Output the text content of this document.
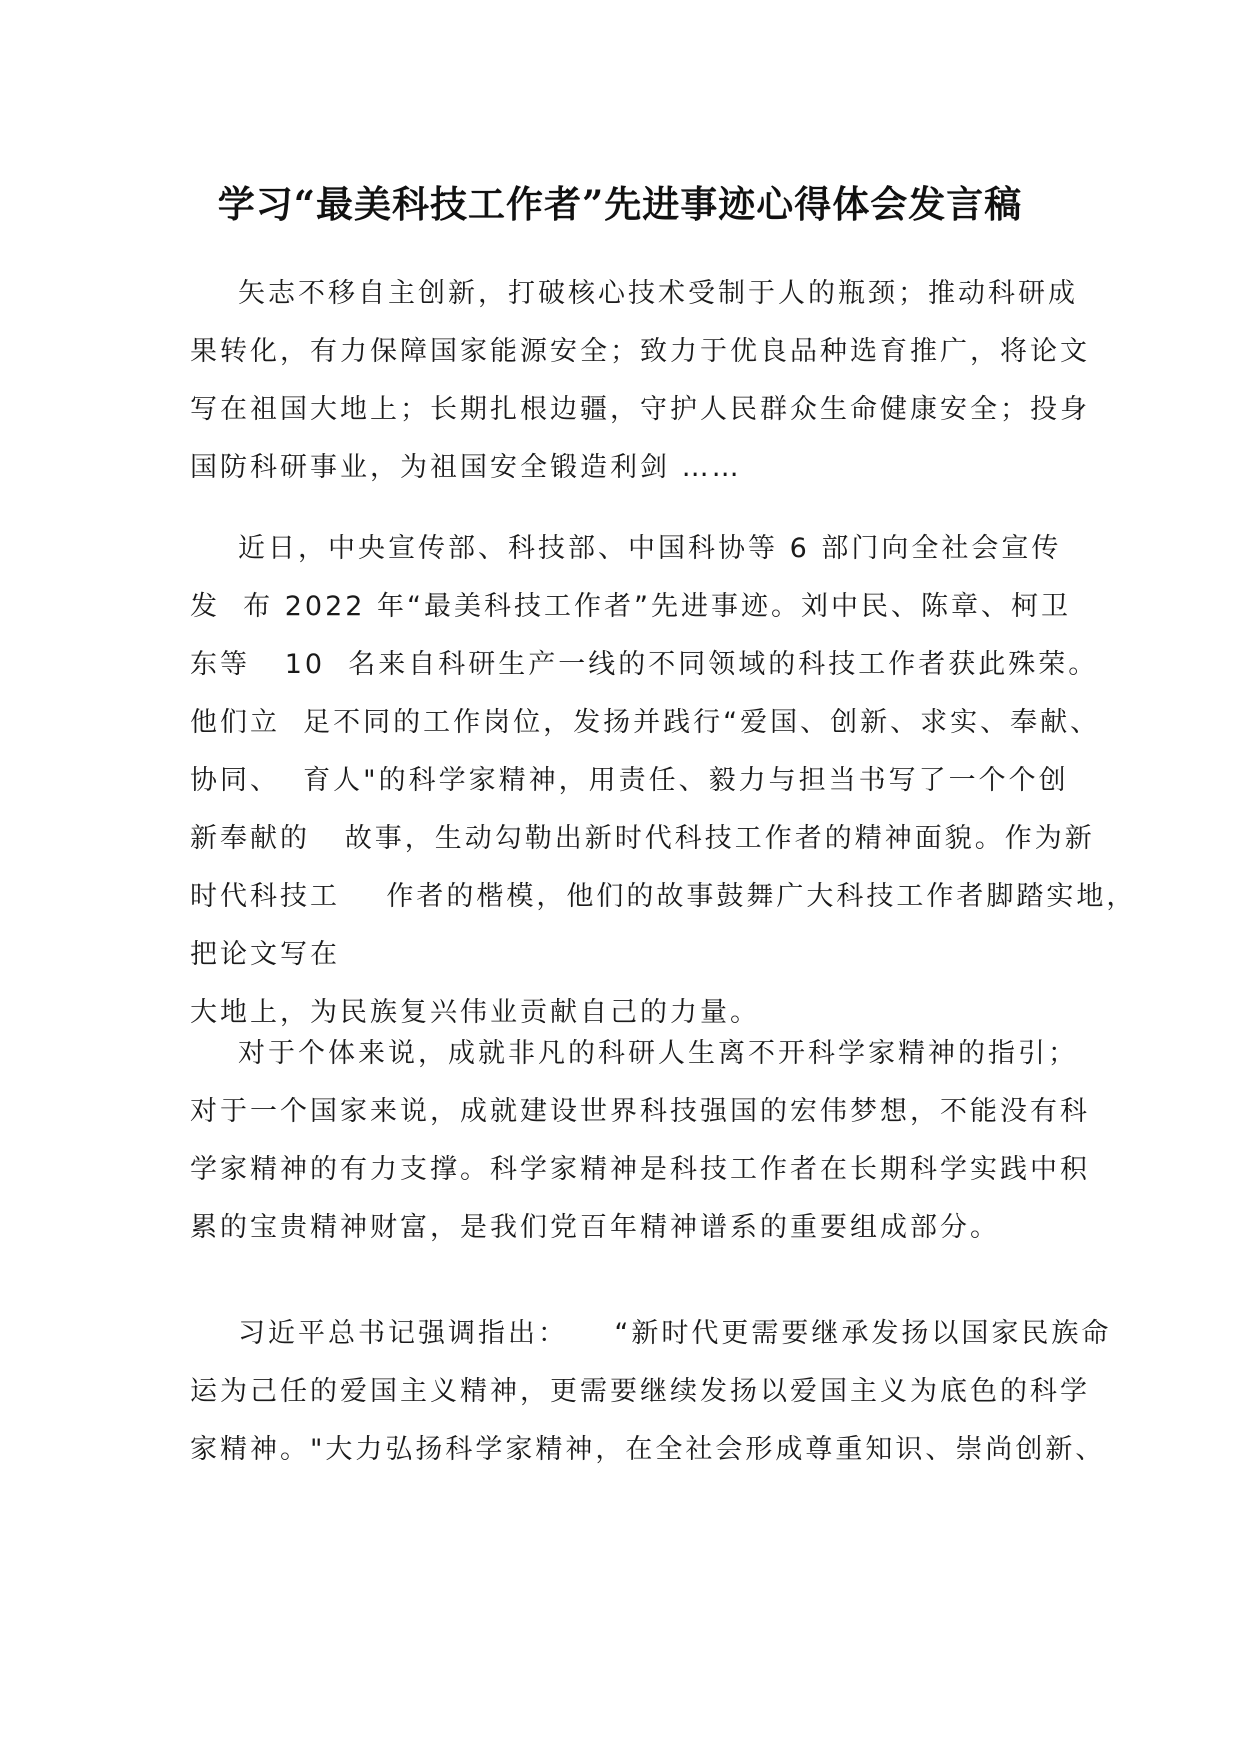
学习“最美科技工作者”先进事迹心得体会发言稿
矢志不移自主创新，打破核心技术受制于人的瓶颈；推动科研成
果转化，有力保障国家能源安全；致力于优良品种选育推广，将论文
写在祖国大地上；长期扎根边疆，守护人民群众生命健康安全；投身
国防科研事业，为祖国安全锻造利剑 ……
近日，中央宣传部、科技部、中国科协等 6 部门向全社会宣传
发  布 2022 年“最美科技工作者”先进事迹。刘中民、陈章、柯卫
东等   10  名来自科研生产一线的不同领域的科技工作者获此殊荣。
他们立  足不同的工作岗位，发扬并践行“爱国、创新、求实、奉献、
协同、  育人"的科学家精神，用责任、毅力与担当书写了一个个创
新奉献的   故事，生动勾勒出新时代科技工作者的精神面貌。作为新
时代科技工    作者的楷模，他们的故事鼓舞广大科技工作者脚踏实地，
把论文写在
大地上，为民族复兴伟业贡献自己的力量。
对于个体来说，成就非凡的科研人生离不开科学家精神的指引；
对于一个国家来说，成就建设世界科技强国的宏伟梦想，不能没有科
学家精神的有力支撑。科学家精神是科技工作者在长期科学实践中积
累的宝贵精神财富，是我们党百年精神谱系的重要组成部分。
习近平总书记强调指出：    “新时代更需要继承发扬以国家民族命
运为己任的爱国主义精神，更需要继续发扬以爱国主义为底色的科学
家精神。"大力弘扬科学家精神，在全社会形成尊重知识、崇尚创新、
